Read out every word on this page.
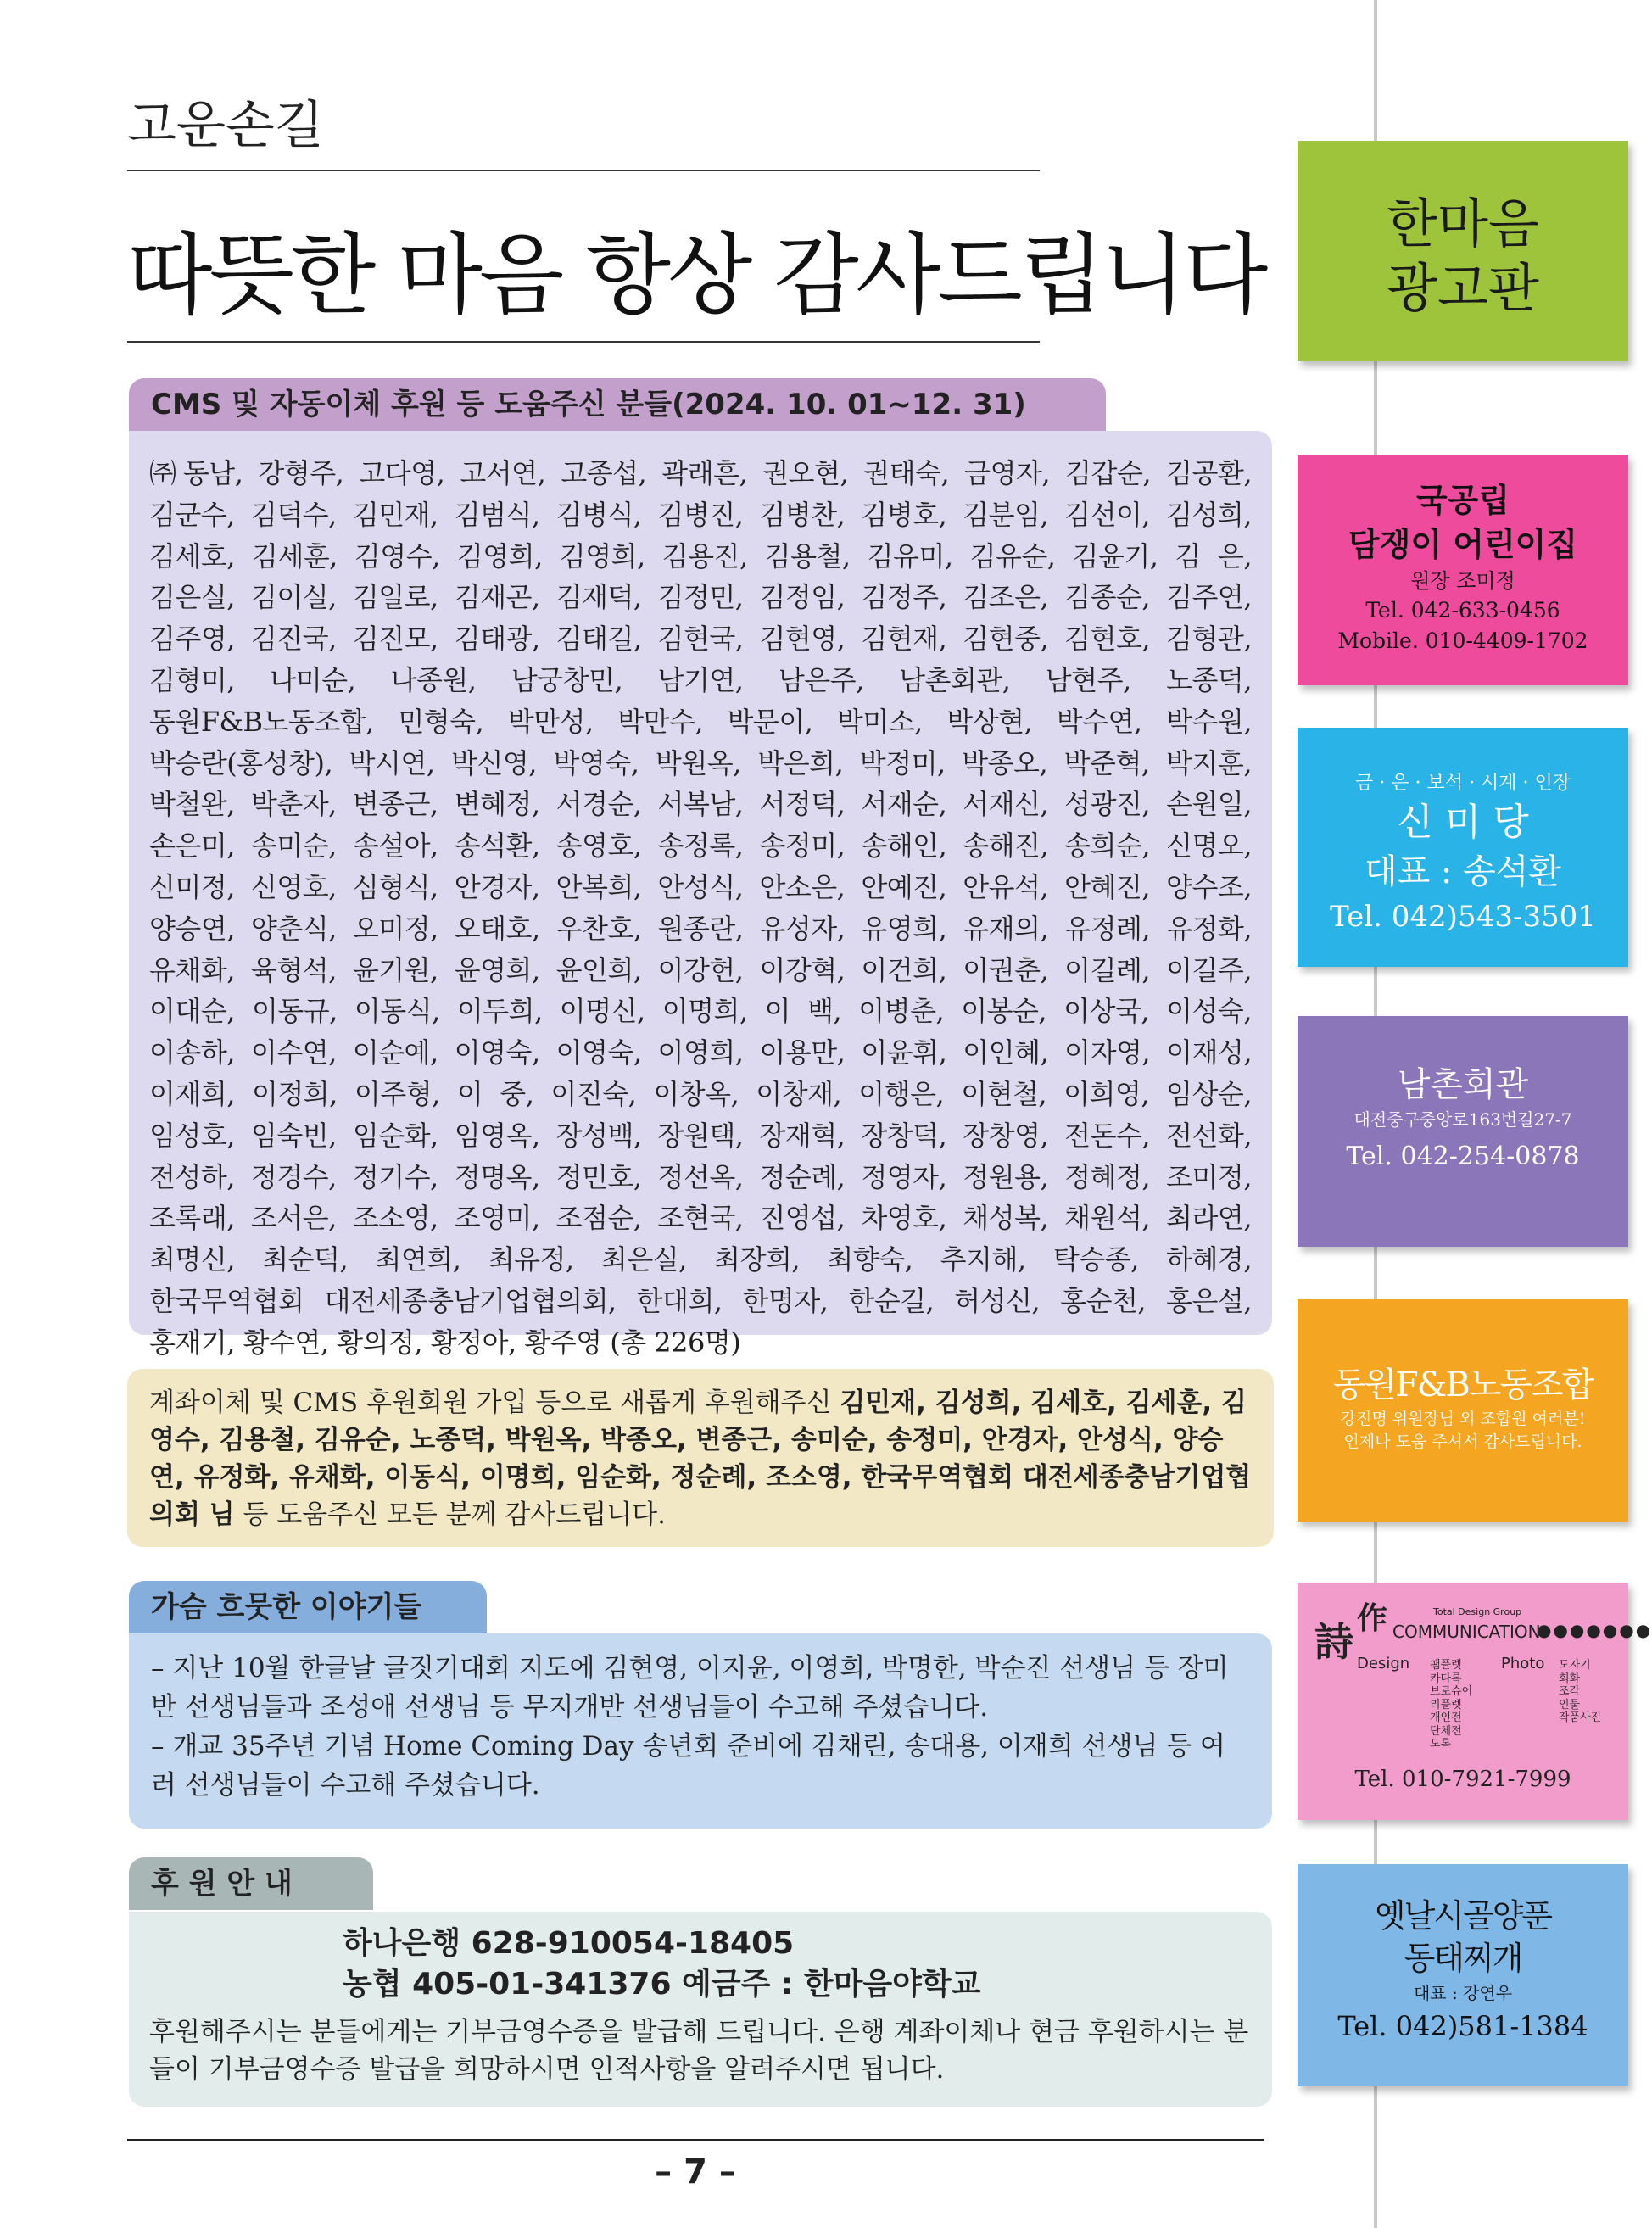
고운손길
따뜻한 마음 항상 감사드립니다
CMS 및 자동이체 후원 등 도움주신 분들(2024. 10. 01~12. 31)

㈜동남, 강형주, 고다영, 고서연, 고종섭, 곽래흔, 권오현, 권태숙, 금영자, 김갑순, 김공환,

김군수, 김덕수, 김민재, 김범식, 김병식, 김병진, 김병찬, 김병호, 김분임, 김선이, 김성희,

김세호, 김세훈, 김영수, 김영희, 김영희, 김용진, 김용철, 김유미, 김유순, 김윤기, 김 은,

김은실, 김이실, 김일로, 김재곤, 김재덕, 김정민, 김정임, 김정주, 김조은, 김종순, 김주연,

김주영, 김진국, 김진모, 김태광, 김태길, 김현국, 김현영, 김현재, 김현중, 김현호, 김형관,

김형미, 나미순, 나종원, 남궁창민, 남기연, 남은주, 남촌회관, 남현주, 노종덕,

동원F&B노동조합, 민형숙, 박만성, 박만수, 박문이, 박미소, 박상현, 박수연, 박수원,

박승란(홍성창), 박시연, 박신영, 박영숙, 박원옥, 박은희, 박정미, 박종오, 박준혁, 박지훈,

박철완, 박춘자, 변종근, 변혜정, 서경순, 서복남, 서정덕, 서재순, 서재신, 성광진, 손원일,

손은미, 송미순, 송설아, 송석환, 송영호, 송정록, 송정미, 송해인, 송해진, 송희순, 신명오,

신미정, 신영호, 심형식, 안경자, 안복희, 안성식, 안소은, 안예진, 안유석, 안혜진, 양수조,

양승연, 양춘식, 오미정, 오태호, 우찬호, 원종란, 유성자, 유영희, 유재의, 유정례, 유정화,

유채화, 육형석, 윤기원, 윤영희, 윤인희, 이강헌, 이강혁, 이건희, 이권춘, 이길례, 이길주,

이대순, 이동규, 이동식, 이두희, 이명신, 이명희, 이 백, 이병춘, 이봉순, 이상국, 이성숙,

이송하, 이수연, 이순예, 이영숙, 이영숙, 이영희, 이용만, 이윤휘, 이인혜, 이자영, 이재성,

이재희, 이정희, 이주형, 이 중, 이진숙, 이창옥, 이창재, 이행은, 이현철, 이희영, 임상순,

임성호, 임숙빈, 임순화, 임영옥, 장성백, 장원택, 장재혁, 장창덕, 장창영, 전돈수, 전선화,

전성하, 정경수, 정기수, 정명옥, 정민호, 정선옥, 정순례, 정영자, 정원용, 정혜정, 조미정,

조록래, 조서은, 조소영, 조영미, 조점순, 조현국, 진영섭, 차영호, 채성복, 채원석, 최라연,

최명신, 최순덕, 최연희, 최유정, 최은실, 최장희, 최향숙, 추지해, 탁승종, 하혜경,

한국무역협회 대전세종충남기업협의회, 한대희, 한명자, 한순길, 허성신, 홍순천, 홍은설,

홍재기, 황수연, 황의정, 황정아, 황주영 (총 226명)

계좌이체 및 CMS 후원회원 가입 등으로 새롭게 후원해주신 김민재, 김성희, 김세호, 김세훈, 김영수, 김용철, 김유순, 노종덕, 박원옥, 박종오, 변종근, 송미순, 송정미, 안경자, 안성식, 양승연, 유정화, 유채화, 이동식, 이명희, 임순화, 정순례, 조소영, 한국무역협회 대전세종충남기업협의회 님 등 도움주신 모든 분께 감사드립니다.
가슴 흐뭇한 이야기들
– 지난 10월 한글날 글짓기대회 지도에 김현영, 이지윤, 이영희, 박명한, 박순진 선생님 등 장미반 선생님들과 조성애 선생님 등 무지개반 선생님들이 수고해 주셨습니다.
– 개교 35주년 기념 Home Coming Day 송년회 준비에 김채린, 송대용, 이재희 선생님 등 여러 선생님들이 수고해 주셨습니다.
후 원 안 내
하나은행 628-910054-18405
농협 405-01-341376 예금주 : 한마음야학교
후원해주시는 분들에게는 기부금영수증을 발급해 드립니다. 은행 계좌이체나 현금 후원하시는 분들이 기부금영수증 발급을 희망하시면 인적사항을 알려주시면 됩니다.
– 7 –
한마음
광고판
국공립
담쟁이 어린이집
원장 조미정
Tel. 042-633-0456
Mobile. 010-4409-1702
금 · 은 · 보석 · 시계 · 인장
신 미 당
대표 : 송석환
Tel. 042)543-3501
남촌회관
대전중구중앙로163번길27-7
Tel. 042-254-0878
동원F&B노동조합
강진명 위원장님 외 조합원 여러분!
언제나 도움 주셔서 감사드립니다.
詩
作	Total Design Group
COMMUNICATION
●●●●●●●
Design 팸플렛
카다록
브로슈어
리플렛
개인전
단체전
도록
Photo 도자기
회화
조각
인물
작품사진
Tel. 010-7921-7999
옛날시골양푼
동태찌개
대표 : 강연우
Tel. 042)581-1384
